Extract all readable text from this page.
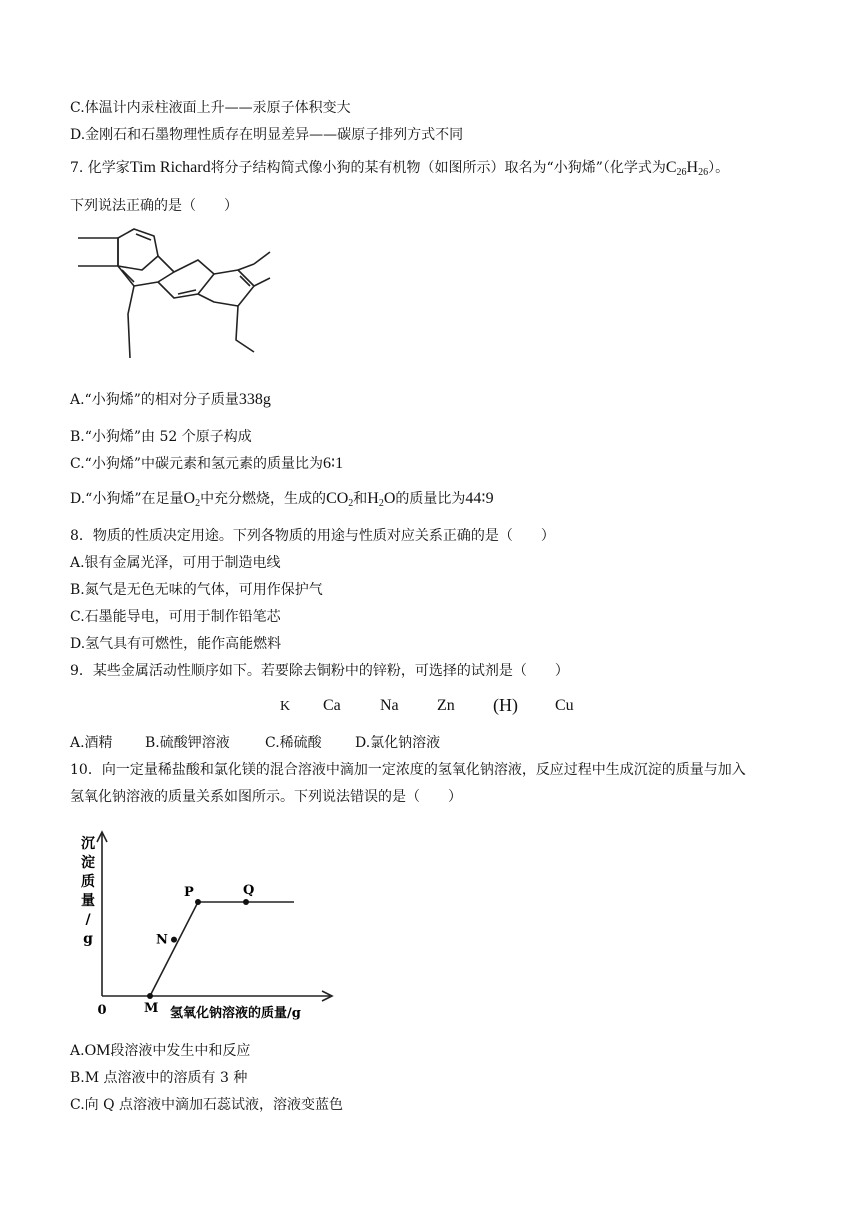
C.体温计内汞柱液面上升——汞原子体积变大
D.金刚石和石墨物理性质存在明显差异——碳原子排列方式不同
7. 化学家Tim Richard将分子结构简式像小狗的某有机物（如图所示）取名为“小狗烯”（化学式为$C_{26}H_{26}$）。
下列说法正确的是（　　）
A.“小狗烯”的相对分子质量338g
B.“小狗烯”由 52 个原子构成
C.“小狗烯”中碳元素和氢元素的质量比为6∶1
D.“小狗烯”在足量$O_2$中充分燃烧，生成的$CO_2$和$H_2O$的质量比为44∶9
8．物质的性质决定用途。下列各物质的用途与性质对应关系正确的是（　　）
A.银有金属光泽，可用于制造电线
B.氮气是无色无味的气体，可用作保护气
C.石墨能导电，可用于制作铅笔芯
D.氢气具有可燃性，能作高能燃料
9．某些金属活动性顺序如下。若要除去铜粉中的锌粉，可选择的试剂是（　　）
K Ca Na Zn (H) Cu
A.酒精 B.硫酸钾溶液	C.稀硫酸 D.氯化钠溶液
10．向一定量稀盐酸和氯化镁的混合溶液中滴加一定浓度的氢氧化钠溶液，反应过程中生成沉淀的质量与加入
氢氧化钠溶液的质量关系如图所示。下列说法错误的是（　　）
沉淀质量/ g
0	氢氧化钠溶液的质量/g
M
N
P	Q
A.OM段溶液中发生中和反应
B.M 点溶液中的溶质有 3 种
C.向 Q 点溶液中滴加石蕊试液，溶液变蓝色
